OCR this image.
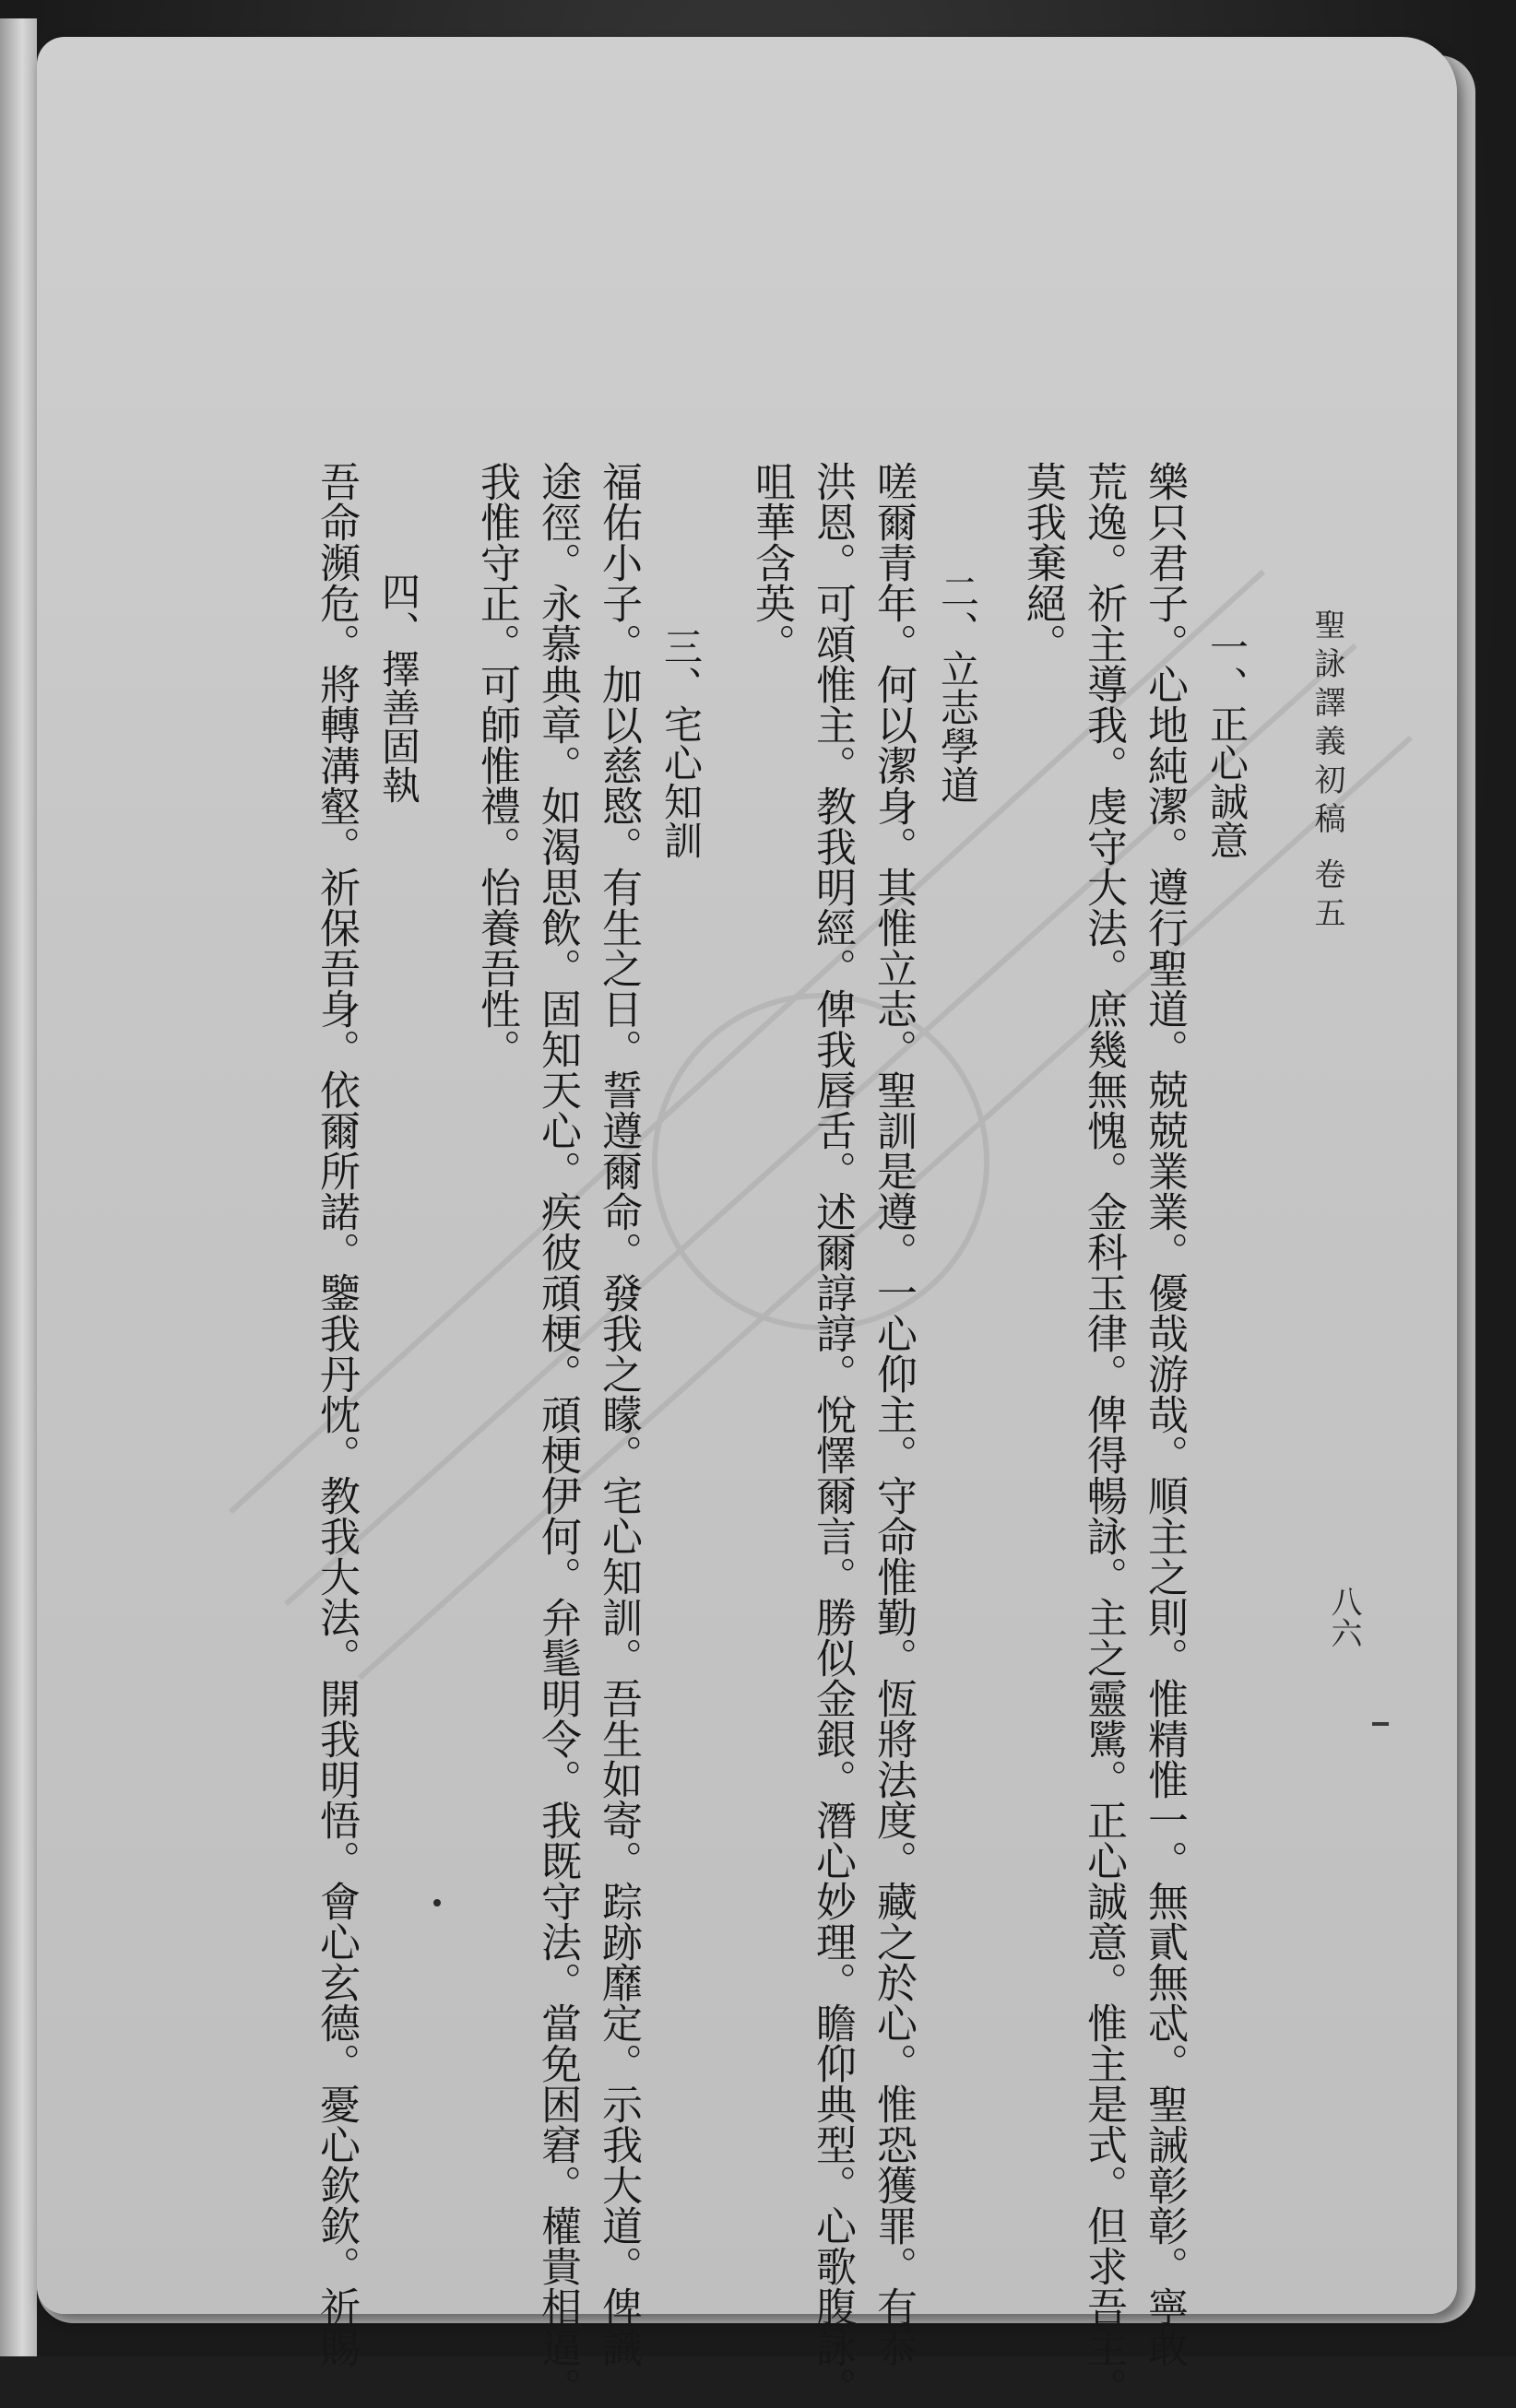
聖詠譯義初稿 卷五
八六
一、正心誠意
樂只君子。心地純潔。遵行聖道。兢兢業業。優哉游哉。順主之則。惟精惟一。無貳無忒。聖誡彰彰。寧敢
荒逸。祈主導我。虔守大法。庶幾無愧。金科玉律。俾得暢詠。主之靈騭。正心誠意。惟主是式。但求吾主。
莫我棄絕。
二、立志學道
嗟爾青年。何以潔身。其惟立志。聖訓是遵。一心仰主。守命惟勤。恆將法度。藏之於心。惟恐獲罪。有忝
洪恩。可頌惟主。教我明經。俾我唇舌。述爾諄諄。悅懌爾言。勝似金銀。潛心妙理。瞻仰典型。心歌腹詠。
咀華含英。
三、宅心知訓
福佑小子。加以慈愍。有生之日。誓遵爾命。發我之矇。宅心知訓。吾生如寄。踪跡靡定。示我大道。俾識
途徑。永慕典章。如渴思飲。固知天心。疾彼頑梗。頑梗伊何。弁髦明令。我既守法。當免困窘。權貴相逼。
我惟守正。可師惟禮。怡養吾性。
四、擇善固執
吾命瀕危。將轉溝壑。祈保吾身。依爾所諾。鑒我丹忱。教我大法。開我明悟。會心玄德。憂心欽欽。祈賜
